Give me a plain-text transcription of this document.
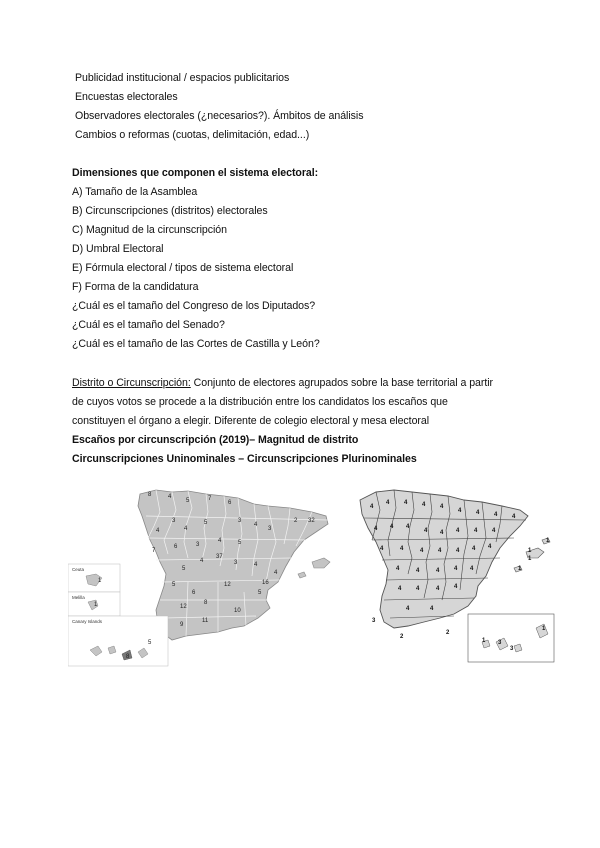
Publicidad institucional / espacios publicitarios
Encuestas electorales
Observadores electorales (¿necesarios?). Ámbitos de análisis
Cambios o reformas (cuotas, delimitación, edad...)
Dimensiones que componen el sistema electoral:
A) Tamaño de la Asamblea
B) Circunscripciones (distritos) electorales
C) Magnitud de la circunscripción
D) Umbral Electoral
E) Fórmula electoral / tipos de sistema electoral
F) Forma de la candidatura
¿Cuál es el tamaño del Congreso de los Diputados?
¿Cuál es el tamaño del Senado?
¿Cuál es el tamaño de las Cortes de Castilla y León?
Distrito o Circunscripción: Conjunto de electores agrupados sobre la base territorial a partir
de cuyos votos se procede a la distribución entre los candidatos los escaños que
constituyen el órgano a elegir. Diferente de colegio electoral y mesa electoral
Escaños por circunscripción (2019)– Magnitud de distrito
Circunscripciones Uninominales – Circunscripciones Plurinominales
Ceuta
Melilla
Canary Islands
8	4
5	7
6
3
4	4
5	3
4
3
2
7
6	3
4	5
32
5
4
37
3	4
4
16
5
6
12
5
12
8
10
9
11
1
1
8
5
4
4 4 4 4
4 4 4 4
4 4 4
4 4 4 4 4
4	4	4 4 4 4 4
4	4	4 4 4
4 4	4 4
4	4
3
2
2
1
1
3
3
1
1
1
1
